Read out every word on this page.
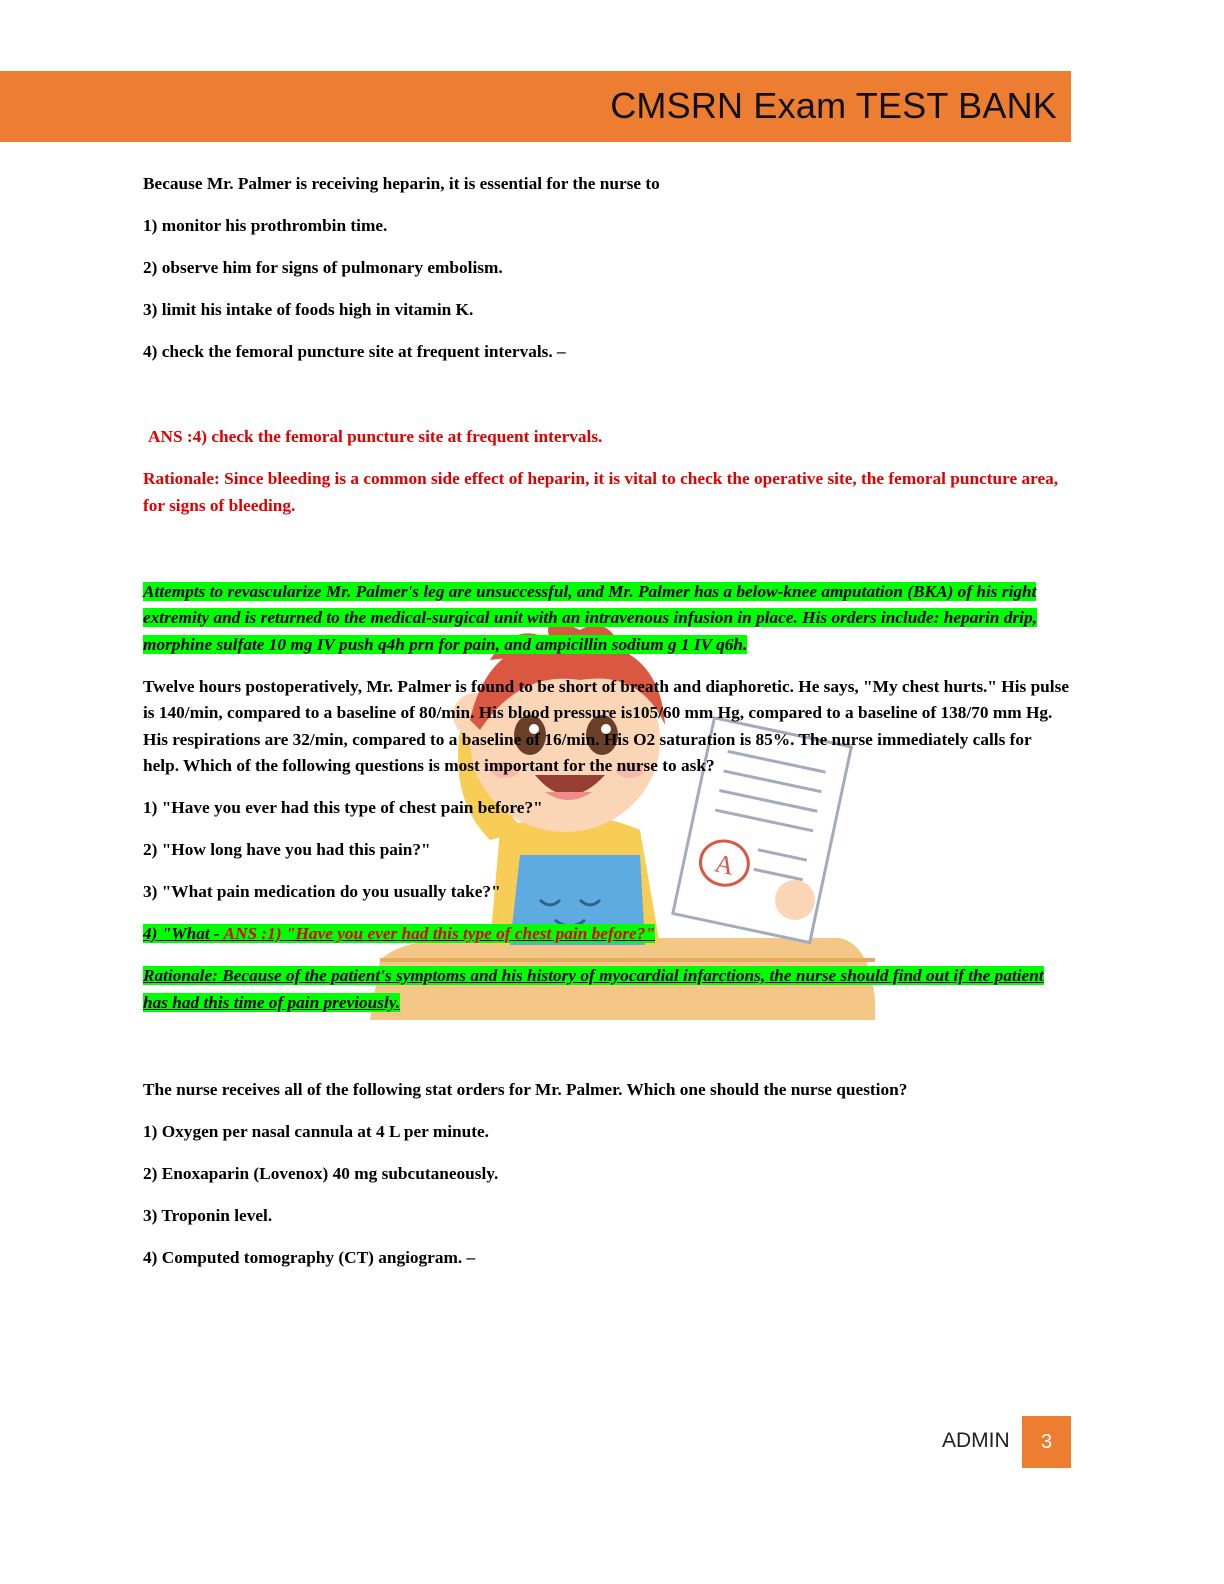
CMSRN Exam TEST BANK
A

Because Mr. Palmer is receiving heparin, it is essential for the nurse to

1) monitor his prothrombin time.

2) observe him for signs of pulmonary embolism.

3) limit his intake of foods high in vitamin K.

4) check the femoral puncture site at frequent intervals. –

ANS :4) check the femoral puncture site at frequent intervals.

Rationale: Since bleeding is a common side effect of heparin, it is vital to check the operative site, the femoral puncture area, for signs of bleeding.

Attempts to revascularize Mr. Palmer's leg are unsuccessful, and Mr. Palmer has a below-knee amputation (BKA) of his right extremity and is returned to the medical-surgical unit with an intravenous infusion in place. His orders include: heparin drip, morphine sulfate 10 mg IV push q4h prn for pain, and ampicillin sodium g 1 IV q6h.

Twelve hours postoperatively, Mr. Palmer is found to be short of breath and diaphoretic. He says, "My chest hurts." His pulse is 140/min, compared to a baseline of 80/min. His blood pressure is105/60 mm Hg, compared to a baseline of 138/70 mm Hg. His respirations are 32/min, compared to a baseline of 16/min. His O2 saturation is 85%. The nurse immediately calls for help. Which of the following questions is most important for the nurse to ask?

1) "Have you ever had this type of chest pain before?"

2) "How long have you had this pain?"

3) "What pain medication do you usually take?"

4) "What - ANS :1) "Have you ever had this type of chest pain before?"

Rationale: Because of the patient's symptoms and his history of myocardial infarctions, the nurse should find out if the patient has had this time of pain previously.

The nurse receives all of the following stat orders for Mr. Palmer. Which one should the nurse question?

1) Oxygen per nasal cannula at 4 L per minute.

2) Enoxaparin (Lovenox) 40 mg subcutaneously.

3) Troponin level.

4) Computed tomography (CT) angiogram. –

ADMIN	3
